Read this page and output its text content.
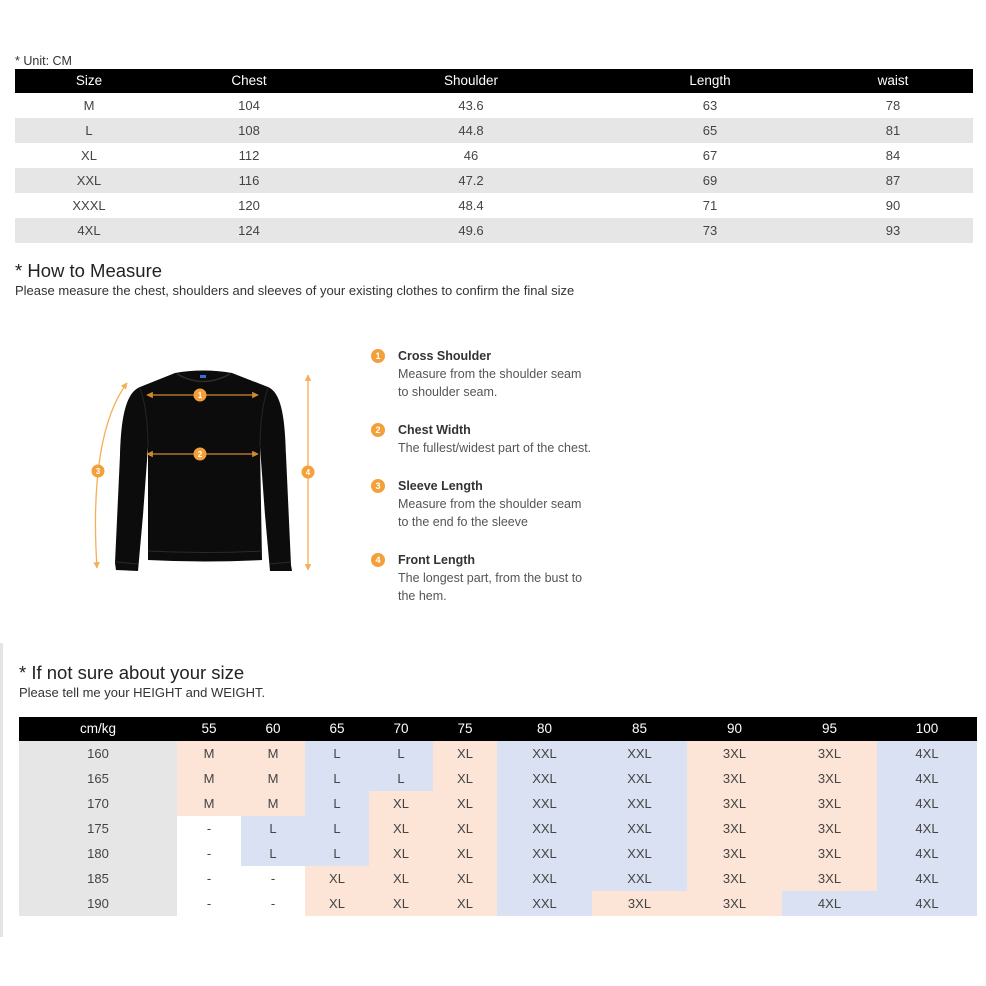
* Unit: CM
Size	Chest	Shoulder	Length	waist
M	104	43.6	63	78
L	108	44.8	65	81
XL	112	46	67	84
XXL	116	47.2	69	87
XXXL	120	48.4	71	90
4XL	124	49.6	73	93
* How to Measure
Please measure the chest, shoulders and sleeves of your existing clothes to confirm the final size
1
2
3	4
1	Cross Shoulder
Measure from the shoulder seam
to shoulder seam.
2	Chest Width
The fullest/widest part of the chest.
3	Sleeve Length
Measure from the shoulder seam
to the end fo the sleeve
4	Front Length
The longest part, from the bust to
the hem.
* If not sure about your size
Please tell me your HEIGHT and WEIGHT.
cm/kg	55	60	65	70	75	80	85	90	95	100
160	M	M	L	L	XL	XXL	XXL	3XL	3XL	4XL
165	M	M	L	L	XL	XXL	XXL	3XL	3XL	4XL
170	M	M	L	XL	XL	XXL	XXL	3XL	3XL	4XL
175	-	L	L	XL	XL	XXL	XXL	3XL	3XL	4XL
180	-	L	L	XL	XL	XXL	XXL	3XL	3XL	4XL
185	-	-	XL	XL	XL	XXL	XXL	3XL	3XL	4XL
190	-	-	XL	XL	XL	XXL	3XL	3XL	4XL	4XL
